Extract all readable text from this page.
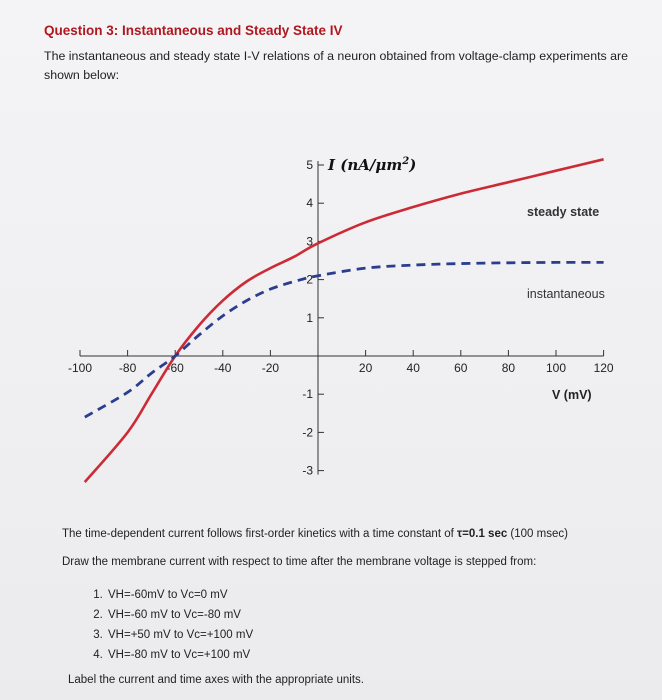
Question 3: Instantaneous and Steady State IV
The instantaneous and steady state I-V relations of a neuron obtained from voltage-clamp experiments are shown below:
-100 -80	-60	-40	-20	20	40	60	80	100 120
-3
-2
-1
1
2
3
4
5 I $(nA/\mu m^2)$
V (mV)
steady state
instantaneous
The time-dependent current follows first-order kinetics with a time constant of τ=0.1 sec (100 msec)
Draw the membrane current with respect to time after the membrane voltage is stepped from:
1. VH=-60mV to Vc=0 mV
2. VH=-60 mV to Vc=-80 mV
3. VH=+50 mV to Vc=+100 mV
4. VH=-80 mV to Vc=+100 mV
Label the current and time axes with the appropriate units.
